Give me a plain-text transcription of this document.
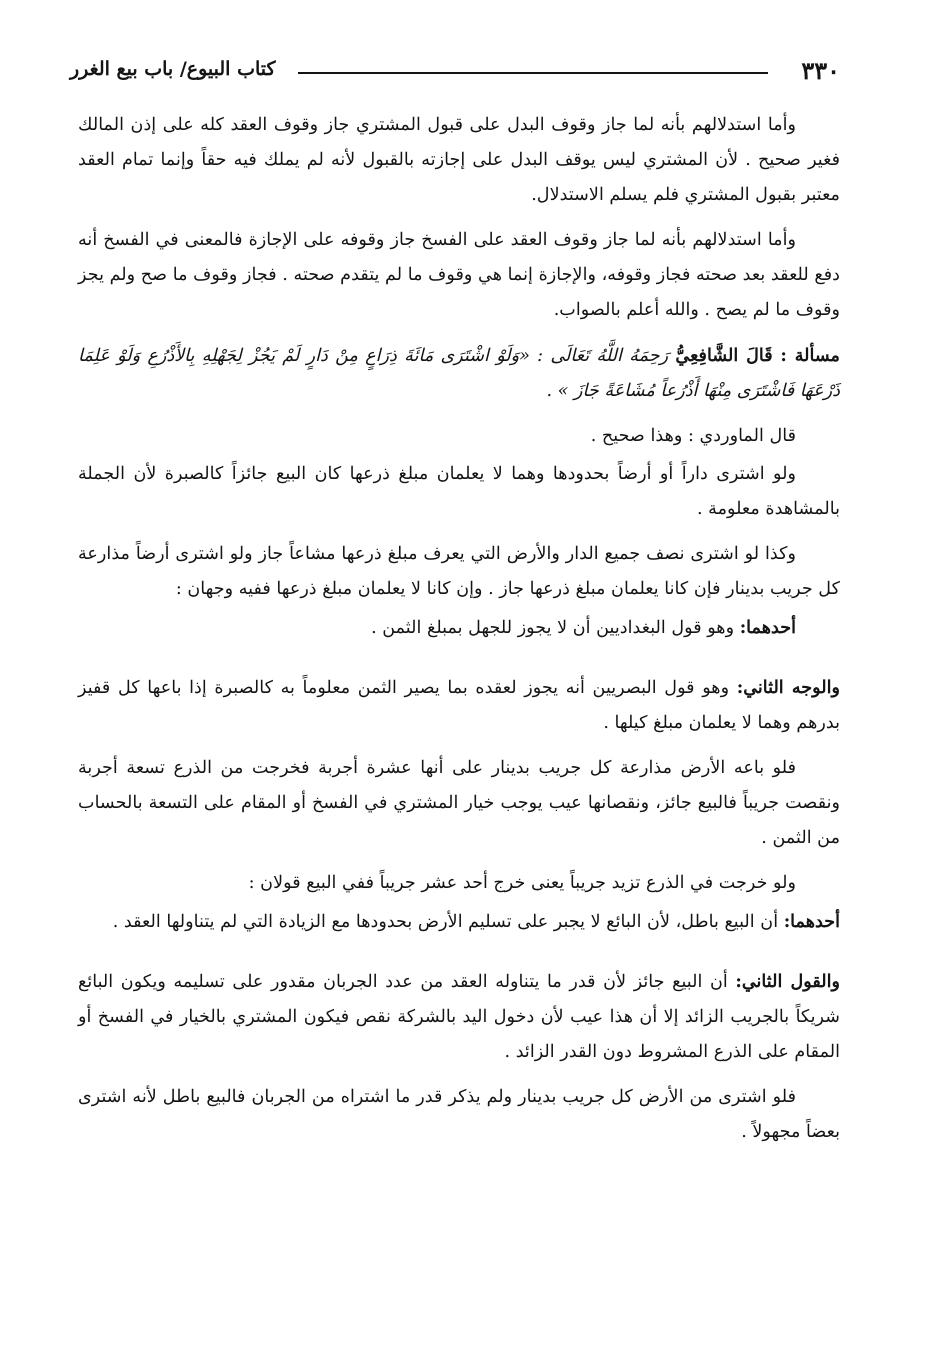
٣٣٠
كتاب البيوع/ باب بيع الغرر

وأما استدلالهم بأنه لما جاز وقوف البدل على قبول المشتري جاز وقوف العقد كله على إذن المالك فغير صحيح . لأن المشتري ليس يوقف البدل على إجازته بالقبول لأنه لم يملك فيه حقاً وإنما تمام العقد معتبر بقبول المشتري فلم يسلم الاستدلال.

وأما استدلالهم بأنه لما جاز وقوف العقد على الفسخ جاز وقوفه على الإجازة فالمعنى في الفسخ أنه دفع للعقد بعد صحته فجاز وقوفه، والإجازة إنما هي وقوف ما لم يتقدم صحته . فجاز وقوف ما صح ولم يجز وقوف ما لم يصح . والله أعلم بالصواب.

مسألة : قَالَ الشَّافِعِيُّ رَحِمَهُ اللَّهُ تَعَالَى : «وَلَوْ اشْتَرَى مَائَةَ ذِرَاعٍ مِنْ دَارٍ لَمْ يَجُزْ لِجَهْلِهِ بِالأَذْرُعِ وَلَوْ عَلِمَا ذَرْعَهَا فَاشْتَرَى مِنْهَا أَذْرُعاً مُشَاعَةً جَازَ » .

قال الماوردي : وهذا صحيح .

ولو اشترى داراً أو أرضاً بحدودها وهما لا يعلمان مبلغ ذرعها كان البيع جائزاً كالصبرة لأن الجملة بالمشاهدة معلومة .

وكذا لو اشترى نصف جميع الدار والأرض التي يعرف مبلغ ذرعها مشاعاً جاز ولو اشترى أرضاً مذارعة كل جريب بدينار فإن كانا يعلمان مبلغ ذرعها جاز . وإن كانا لا يعلمان مبلغ ذرعها ففيه وجهان :

أحدهما: وهو قول البغداديين أن لا يجوز للجهل بمبلغ الثمن .

والوجه الثاني: وهو قول البصريين أنه يجوز لعقده بما يصير الثمن معلوماً به كالصبرة إذا باعها كل قفيز بدرهم وهما لا يعلمان مبلغ كيلها .

فلو باعه الأرض مذارعة كل جريب بدينار على أنها عشرة أجربة فخرجت من الذرع تسعة أجربة ونقصت جريباً فالبيع جائز، ونقصانها عيب يوجب خيار المشتري في الفسخ أو المقام على التسعة بالحساب من الثمن .

ولو خرجت في الذرع تزيد جريباً يعنى خرج أحد عشر جريباً ففي البيع قولان :

أحدهما: أن البيع باطل، لأن البائع لا يجبر على تسليم الأرض بحدودها مع الزيادة التي لم يتناولها العقد .

والقول الثاني: أن البيع جائز لأن قدر ما يتناوله العقد من عدد الجربان مقدور على تسليمه ويكون البائع شريكاً بالجريب الزائد إلا أن هذا عيب لأن دخول اليد بالشركة نقص فيكون المشتري بالخيار في الفسخ أو المقام على الذرع المشروط دون القدر الزائد .

فلو اشترى من الأرض كل جريب بدينار ولم يذكر قدر ما اشتراه من الجربان فالبيع باطل لأنه اشترى بعضاً مجهولاً .
